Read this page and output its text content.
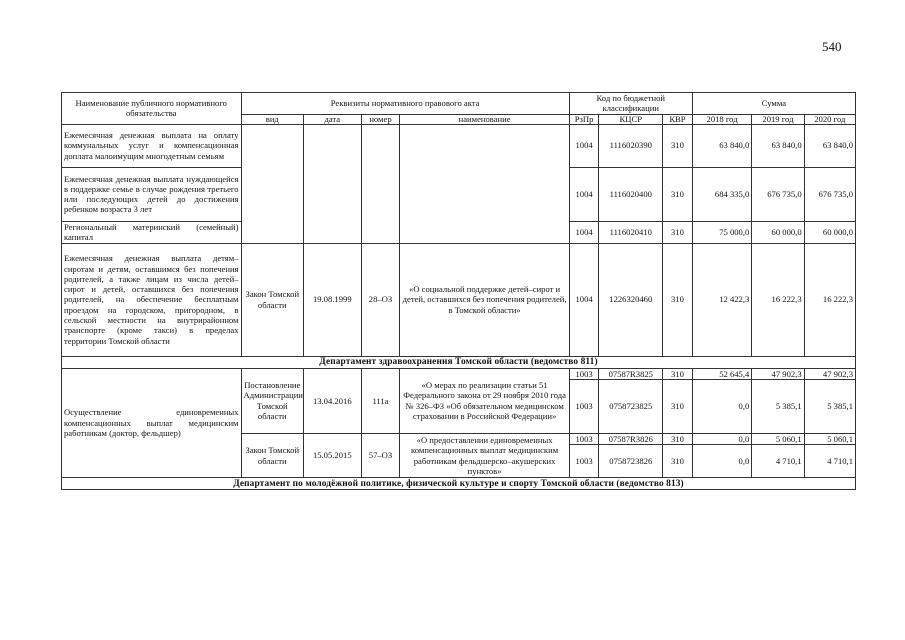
540
Наименование публичного нормативного обязательства	Реквизиты нормативного правового акта				Код по бюджетной классификации			Сумма		
	вид	дата	номер	наименование	РзПр	КЦСР	КВР	2018 год	2019 год	2020 год
Ежемесячная денежная выплата на оплату коммунальных услуг и компенсационная доплата малоимущим многодетным семьям					1004	1116020390	310	63 840,0	63 840,0	63 840,0
Ежемесячная денежная выплата нуждающейся в поддержке семье в случае рождения третьего или последующих детей до достижения ребенком возраста 3 лет					1004	1116020400	310	684 335,0	676 735,0	676 735,0
Региональный материнский (семейный) капитал					1004	1116020410	310	75 000,0	60 000,0	60 000,0
Ежемесячная денежная выплата детям–сиротам и детям, оставшимся без попечения родителей, а также лицам из числа детей–сирот и детей, оставшихся без попечения родителей, на обеспечение бесплатным проездом на городском, пригородном, в сельской местности на внутрирайонном транспорте (кроме такси) в пределах территории Томской области	Закон Томской области	19.08.1999	28–ОЗ	«О социальной поддержке детей–сирот и детей, оставшихся без попечения родителей, в Томской области»	1004	1226320460	310	12 422,3	16 222,3	16 222,3
Департамент здравоохранения Томской области (ведомство 811)										
Осуществление единовременных компенсационных выплат медицинским работникам (доктор, фельдшер)	Постановление Администрации Томской области	13.04.2016	111а	«О мерах по реализации статьи 51 Федерального закона от 29 ноября 2010 года № 326–ФЗ «Об обязательном медицинском страховании в Российской Федерации»	1003	07587R3825	310	52 645,4	47 902,3	47 902,3
					1003	0758723825	310	0,0	5 385,1	5 385,1
	Закон Томской области	15.05.2015	57–ОЗ	«О предоставлении единовременных компенсационных выплат медицинским работникам фельдшерско–акушерских пунктов»	1003	07587R3826	310	0,0	5 060,1	5 060,1
					1003	0758723826	310	0,0	4 710,1	4 710,1
Департамент по молодёжной политике, физической культуре и спорту Томской области (ведомство 813)										
